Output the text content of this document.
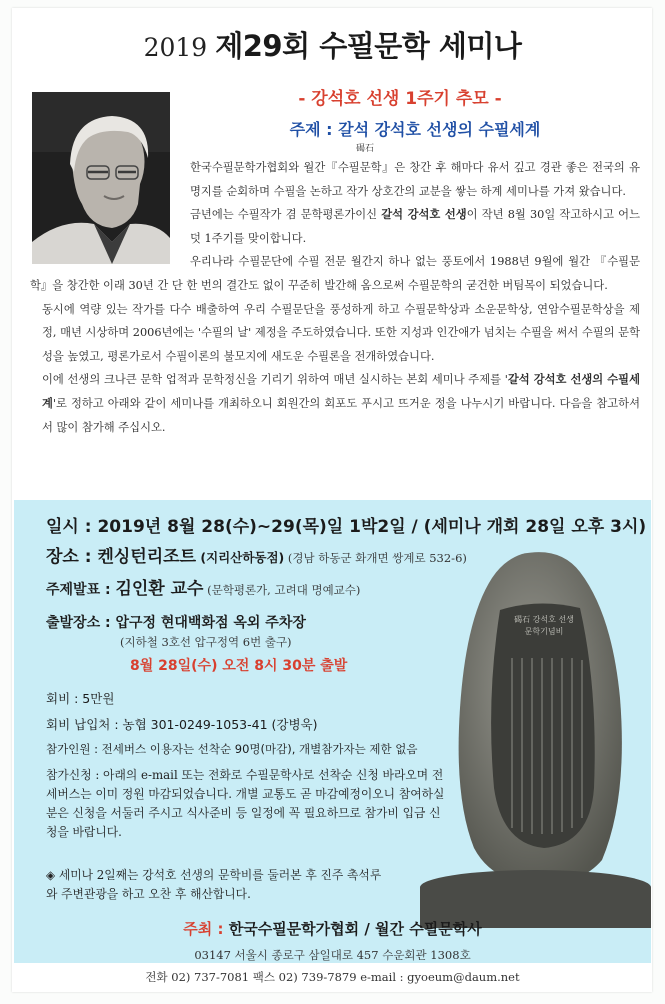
2019 제29회 수필문학 세미나
- 강석호 선생 1주기 추모 -
주제 : 갈석 강석호 선생의 수필세계
碣石

한국수필문학가협회와 월간『수필문학』은 창간 후 해마다 유서 깊고 경관 좋은 전국의 유명지를 순회하며 수필을 논하고 작가 상호간의 교분을 쌓는 하계 세미나를 가져 왔습니다.

금년에는 수필작가 겸 문학평론가이신 갈석 강석호 선생이 작년 8월 30일 작고하시고 어느덧 1주기를 맞이합니다.

우리나라 수필문단에 수필 전문 월간지 하나 없는 풍토에서 1988년 9월에 월간 『수필문학』을 창간한 이래 30년 간 단 한 번의 결간도 없이 꾸준히 발간해 옴으로써 수필문학의 굳건한 버팀목이 되었습니다.

동시에 역량 있는 작가를 다수 배출하여 우리 수필문단을 풍성하게 하고 수필문학상과 소운문학상, 연암수필문학상을 제정, 매년 시상하며 2006년에는 '수필의 날' 제정을 주도하였습니다. 또한 지성과 인간애가 넘치는 수필을 써서 수필의 문학성을 높였고, 평론가로서 수필이론의 불모지에 새도운 수필론을 전개하였습니다.

이에 선생의 크나큰 문학 업적과 문학정신을 기리기 위하여 매년 실시하는 본회 세미나 주제를 '갈석 강석호 선생의 수필세계'로 정하고 아래와 같이 세미나를 개최하오니 회원간의 회포도 푸시고 뜨거운 정을 나누시기 바랍니다. 다음을 참고하셔서 많이 참가해 주십시오.

碣石 강석호 선생
문학기념비
일시 : 2019년 8월 28(수)~29(목)일 1박2일 / (세미나 개회 28일 오후 3시)
장소 : 켄싱턴리조트 (지리산하동점) (경남 하동군 화개면 쌍계로 532-6)
주제발표 : 김인환 교수 (문학평론가, 고려대 명예교수)
출발장소 : 압구정 현대백화점 옥외 주차장
(지하철 3호선 압구정역 6번 출구)
8월 28일(수) 오전 8시 30분 출발
회비 : 5만원
회비 납입처 : 농협 301-0249-1053-41 (강병욱)
참가인원 : 전세버스 이용자는 선착순 90명(마감), 개별참가자는 제한 없음
참가신청 : 아래의 e-mail 또는 전화로 수필문학사로 선착순 신청 바라오며 전세버스는 이미 정원 마감되었습니다. 개별 교통도 곧 마감예정이오니 참여하실 분은 신청을 서둘러 주시고 식사준비 등 일정에 꼭 필요하므로 참가비 입금 신청을 바랍니다.
◈ 세미나 2일째는 강석호 선생의 문학비를 둘러본 후 진주 촉석루와 주변관광을 하고 오찬 후 해산합니다.
주최 : 한국수필문학가협회 / 월간 수필문학사
03147 서울시 종로구 삼일대로 457 수운회관 1308호
전화 02) 737-7081 팩스 02) 739-7879 e-mail : gyoeum@daum.net
